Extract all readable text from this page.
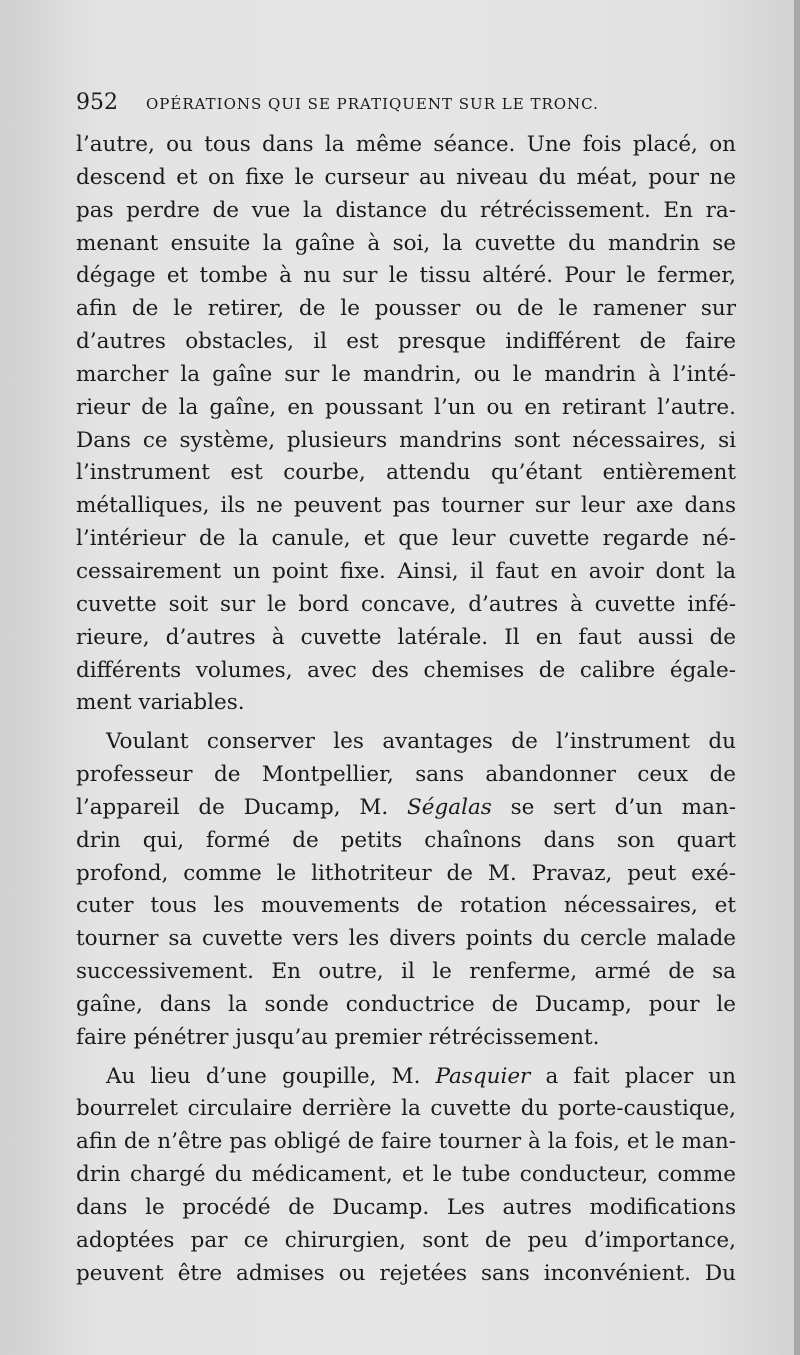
952 OPÉRATIONS QUI SE PRATIQUENT SUR LE TRONC.
l’autre, ou tous dans la même séance. Une fois placé, on
descend et on fixe le curseur au niveau du méat, pour ne
pas perdre de vue la distance du rétrécissement. En ra-
menant ensuite la gaîne à soi, la cuvette du mandrin se
dégage et tombe à nu sur le tissu altéré. Pour le fermer,
afin de le retirer, de le pousser ou de le ramener sur
d’autres obstacles, il est presque indifférent de faire
marcher la gaîne sur le mandrin, ou le mandrin à l’inté-
rieur de la gaîne, en poussant l’un ou en retirant l’autre.
Dans ce système, plusieurs mandrins sont nécessaires, si
l’instrument est courbe, attendu qu’étant entièrement
métalliques, ils ne peuvent pas tourner sur leur axe dans
l’intérieur de la canule, et que leur cuvette regarde né-
cessairement un point fixe. Ainsi, il faut en avoir dont la
cuvette soit sur le bord concave, d’autres à cuvette infé-
rieure, d’autres à cuvette latérale. Il en faut aussi de
différents volumes, avec des chemises de calibre égale-
ment variables.
Voulant conserver les avantages de l’instrument du
professeur de Montpellier, sans abandonner ceux de
l’appareil de Ducamp, M. Ségalas se sert d’un man-
drin qui, formé de petits chaînons dans son quart
profond, comme le lithotriteur de M. Pravaz, peut exé-
cuter tous les mouvements de rotation nécessaires, et
tourner sa cuvette vers les divers points du cercle malade
successivement. En outre, il le renferme, armé de sa
gaîne, dans la sonde conductrice de Ducamp, pour le
faire pénétrer jusqu’au premier rétrécissement.
Au lieu d’une goupille, M. Pasquier a fait placer un
bourrelet circulaire derrière la cuvette du porte-caustique,
afin de n’être pas obligé de faire tourner à la fois, et le man-
drin chargé du médicament, et le tube conducteur, comme
dans le procédé de Ducamp. Les autres modifications
adoptées par ce chirurgien, sont de peu d’importance,
peuvent être admises ou rejetées sans inconvénient. Du
